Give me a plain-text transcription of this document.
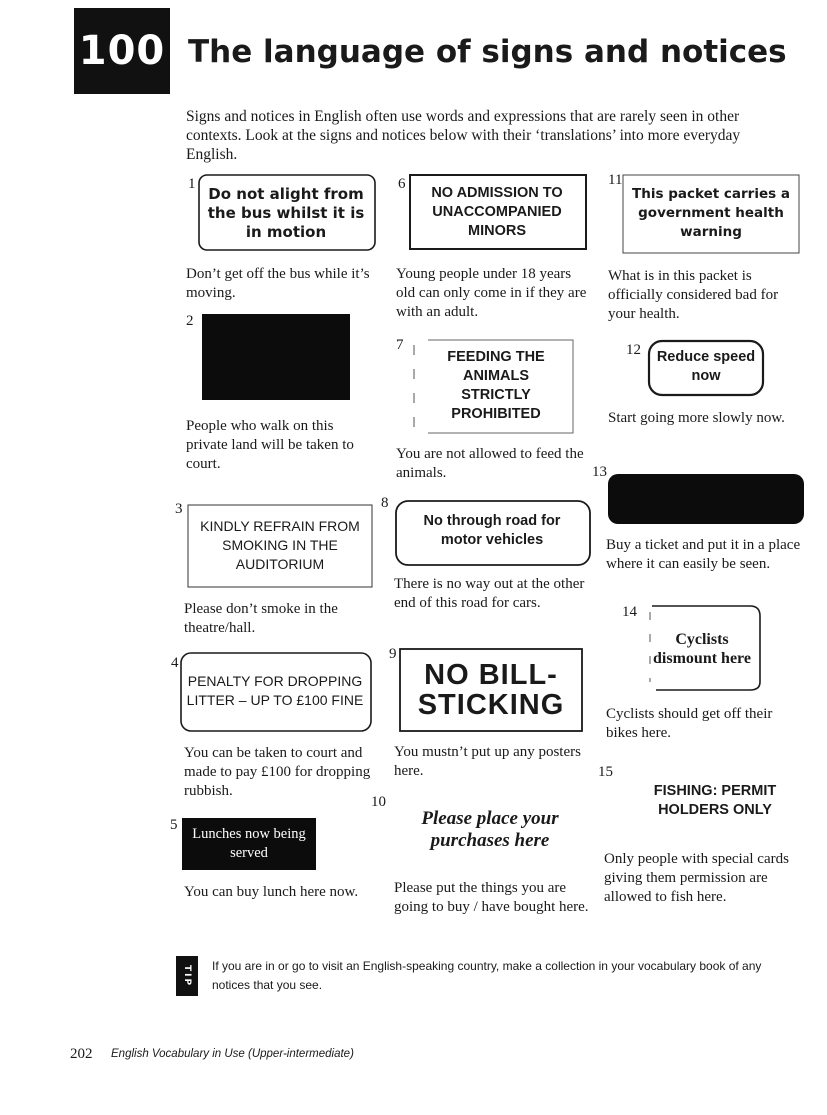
100 The language of signs and notices
Signs and notices in English often use words and expressions that are rarely seen in other contexts. Look at the signs and notices below with their ‘translations’ into more everyday English.
1
Do not alight from the bus whilst it is in motion
Don’t get off the bus while it’s moving.
2
People who walk on this private land will be taken to court.
3
KINDLY REFRAIN FROM SMOKING IN THE AUDITORIUM
Please don’t smoke in the theatre/hall.
4
PENALTY FOR DROPPING LITTER – UP TO £100 FINE
You can be taken to court and made to pay £100 for dropping rubbish.
5
Lunches now being served
You can buy lunch here now.
6
NO ADMISSION TO UNACCOMPANIED MINORS
Young people under 18 years old can only come in if they are with an adult.
7
FEEDING THE ANIMALS STRICTLY PROHIBITED
You are not allowed to feed the animals.
8
No through road for motor vehicles
There is no way out at the other end of this road for cars.
9
NO BILL-STICKING
You mustn’t put up any posters here.
10
Please place your purchases here
Please put the things you are going to buy / have bought here.
11
This packet carries a government health warning
What is in this packet is officially considered bad for your health.
12	Reduce speed now
Start going more slowly now.
13
Buy a ticket and put it in a place where it can easily be seen.
14
Cyclists dismount here
Cyclists should get off their bikes here.
15
FISHING: PERMIT HOLDERS ONLY
Only people with special cards giving them permission are allowed to fish here.
TIP If you are in or go to visit an English-speaking country, make a collection in your vocabulary book of any notices that you see.
202 English Vocabulary in Use (Upper-intermediate)
